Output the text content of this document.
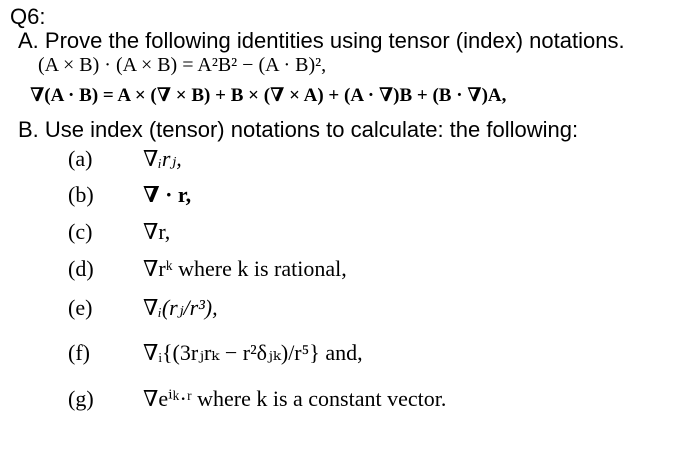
Q6:
A. Prove the following identities using tensor (index) notations.
(A × B) · (A × B) = A²B² − (A · B)²,
∇(A · B) = A × (∇ × B) + B × (∇ × A) + (A · ∇)B + (B · ∇)A,
B. Use index (tensor) notations to calculate: the following:
(a) ∇ᵢrⱼ,
(b) ∇ · r,
(c) ∇r,
(d) ∇rᵏ where k is rational,
(e) ∇ᵢ(rⱼ/r³),
(f) ∇ᵢ{(3rⱼrₖ − r²δⱼₖ)/r⁵} and,
(g) ∇eⁱᵏ·ʳ where k is a constant vector.
